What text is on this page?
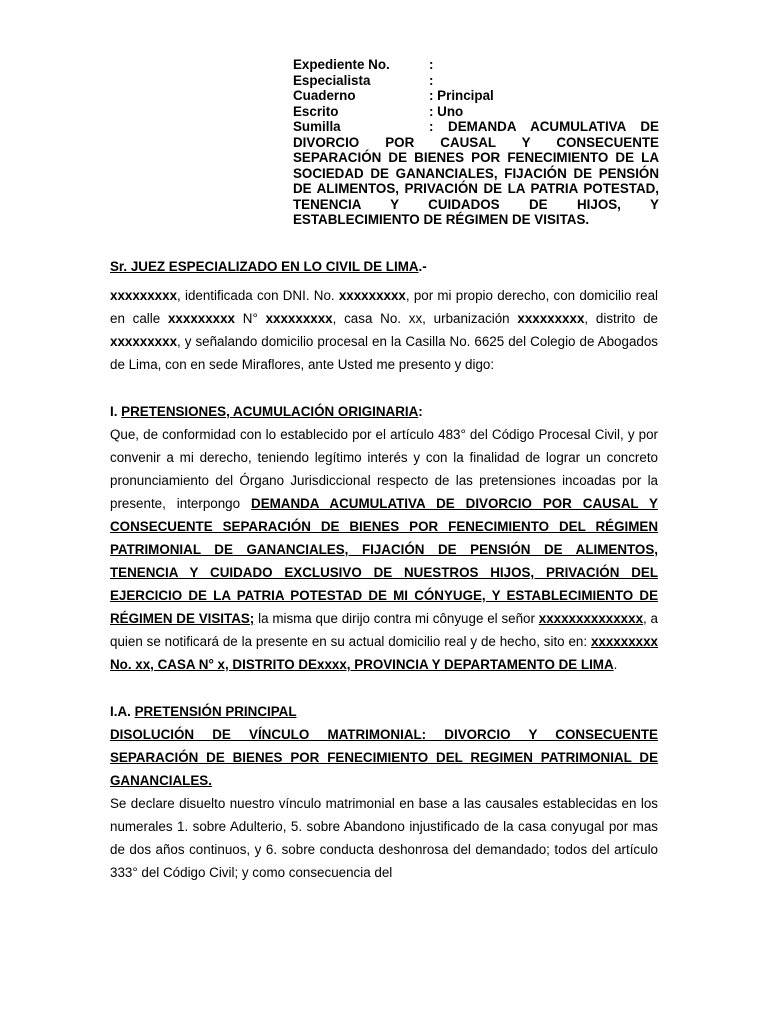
Expediente No.	:
Especialista	:
Cuaderno	: Principal
Escrito	: Uno
Sumilla	: DEMANDA ACUMULATIVA DE
DIVORCIO POR CAUSAL Y CONSECUENTE SEPARACIÓN DE BIENES POR FENECIMIENTO DE LA SOCIEDAD DE GANANCIALES, FIJACIÓN DE PENSIÓN DE ALIMENTOS, PRIVACIÓN DE LA PATRIA POTESTAD, TENENCIA Y CUIDADOS DE HIJOS, Y ESTABLECIMIENTO DE RÉGIMEN DE VISITAS.

Sr. JUEZ ESPECIALIZADO EN LO CIVIL DE LIMA.-

xxxxxxxxx, identificada con DNI. No. xxxxxxxxx, por mi propio derecho, con domicilio real en calle xxxxxxxxx N° xxxxxxxxx, casa No. xx, urbanización xxxxxxxxx, distrito de xxxxxxxxx, y señalando domicilio procesal en la Casilla No. 6625 del Colegio de Abogados de Lima, con en sede Miraflores, ante Usted me presento y digo:

I. PRETENSIONES, ACUMULACIÓN ORIGINARIA:

Que, de conformidad con lo establecido por el artículo 483° del Código Procesal Civil, y por convenir a mi derecho, teniendo legítimo interés y con la finalidad de lograr un concreto pronunciamiento del Órgano Jurisdiccional respecto de las pretensiones incoadas por la presente, interpongo DEMANDA ACUMULATIVA DE DIVORCIO POR CAUSAL Y CONSECUENTE SEPARACIÓN DE BIENES POR FENECIMIENTO DEL RÉGIMEN PATRIMONIAL DE GANANCIALES, FIJACIÓN DE PENSIÓN DE ALIMENTOS, TENENCIA Y CUIDADO EXCLUSIVO DE NUESTROS HIJOS, PRIVACIÓN DEL EJERCICIO DE LA PATRIA POTESTAD DE MI CÓNYUGE, Y ESTABLECIMIENTO DE RÉGIMEN DE VISITAS; la misma que dirijo contra mi cônyuge el señor xxxxxxxxxxxxxx, a quien se notificará de la presente en su actual domicilio real y de hecho, sito en: xxxxxxxxx No. xx, CASA N° x, DISTRITO DExxxx, PROVINCIA Y DEPARTAMENTO DE LIMA.

I.A. PRETENSIÓN PRINCIPAL

DISOLUCIÓN DE VÍNCULO MATRIMONIAL: DIVORCIO Y CONSECUENTE SEPARACIÓN DE BIENES POR FENECIMIENTO DEL REGIMEN PATRIMONIAL DE GANANCIALES.

Se declare disuelto nuestro vínculo matrimonial en base a las causales establecidas en los numerales 1. sobre Adulterio, 5. sobre Abandono injustificado de la casa conyugal por mas de dos años continuos, y 6. sobre conducta deshonrosa del demandado; todos del artículo 333° del Código Civil; y como consecuencia del
